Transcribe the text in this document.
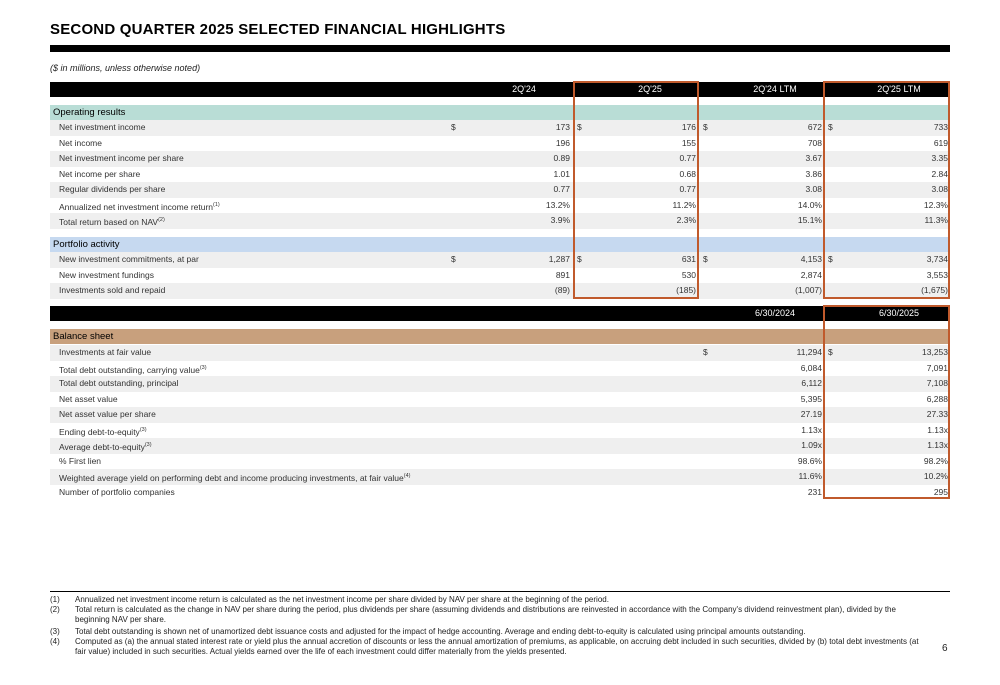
SECOND QUARTER 2025 SELECTED FINANCIAL HIGHLIGHTS
($ in millions, unless otherwise noted)
2Q'24	2Q'25	2Q'24 LTM	2Q'25 LTM
Operating results
Net investment income	$	173 $	176 $	672 $	733
Net income	196	155	708	619
Net investment income per share	0.89	0.77	3.67	3.35
Net income per share	1.01	0.68	3.86	2.84
Regular dividends per share	0.77	0.77	3.08	3.08
Annualized net investment income return$^{(1)}$	13.2%	11.2%	14.0%	12.3%
Total return based on NAV$^{(2)}$	3.9%	2.3%	15.1%	11.3%
Portfolio activity
New investment commitments, at par	$	1,287 $	631 $	4,153 $	3,734
New investment fundings	891	530	2,874	3,553
Investments sold and repaid	(89)	(185)	(1,007)	(1,675)
6/30/2024	6/30/2025
Balance sheet
Investments at fair value	$	11,294 $	13,253
Total debt outstanding, carrying value$^{(3)}$	6,084	7,091
Total debt outstanding, principal	6,112	7,108
Net asset value	5,395	6,288
Net asset value per share	27.19	27.33
Ending debt-to-equity$^{(3)}$	1.13x	1.13x
Average debt-to-equity$^{(3)}$	1.09x	1.13x
% First lien	98.6%	98.2%
Weighted average yield on performing debt and income producing investments, at fair value$^{(4)}$	11.6%	10.2%
Number of portfolio companies	231	295
(1) Annualized net investment income return is calculated as the net investment income per share divided by NAV per share at the beginning of the period.
(2) Total return is calculated as the change in NAV per share during the period, plus dividends per share (assuming dividends and distributions are reinvested in accordance with the Company's dividend reinvestment plan), divided by the beginning NAV per share.
(3) Total debt outstanding is shown net of unamortized debt issuance costs and adjusted for the impact of hedge accounting. Average and ending debt-to-equity is calculated using principal amounts outstanding.
(4) Computed as (a) the annual stated interest rate or yield plus the annual accretion of discounts or less the annual amortization of premiums, as applicable, on accruing debt included in such securities, divided by (b) total debt investments (at fair value) included in such securities. Actual yields earned over the life of each investment could differ materially from the yields presented.	6
